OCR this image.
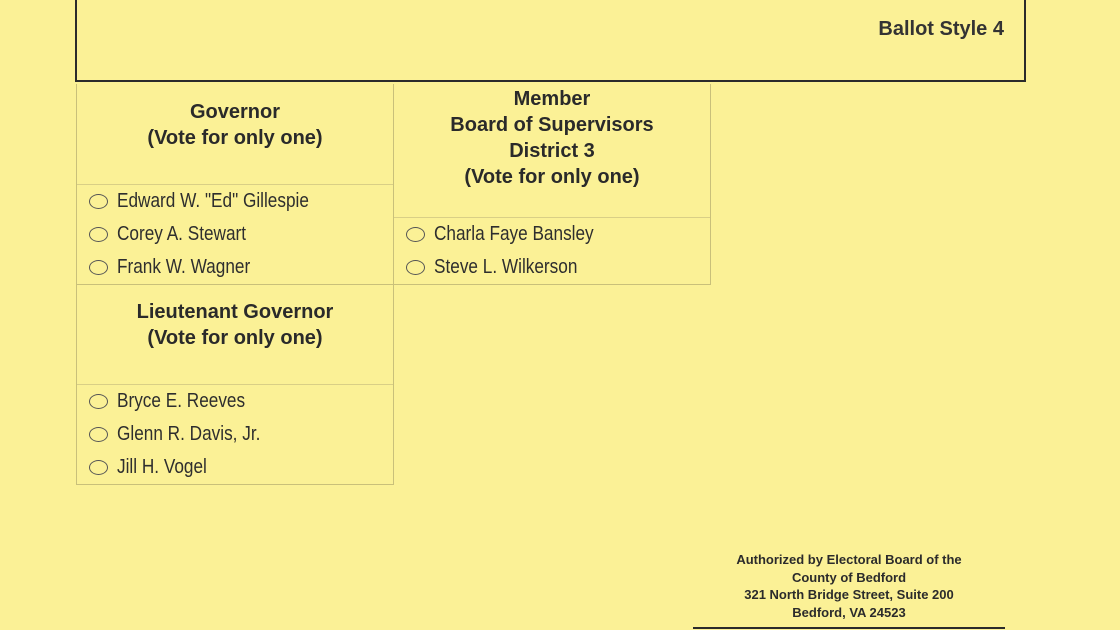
Ballot Style 4
Governor
(Vote for only one)
Edward W. "Ed" Gillespie
Corey A. Stewart
Frank W. Wagner
Lieutenant Governor
(Vote for only one)
Bryce E. Reeves
Glenn R. Davis, Jr.
Jill H. Vogel
Member
Board of Supervisors
District 3
(Vote for only one)
Charla Faye Bansley
Steve L. Wilkerson
Authorized by Electoral Board of the
County of Bedford
321 North Bridge Street, Suite 200
Bedford, VA 24523
